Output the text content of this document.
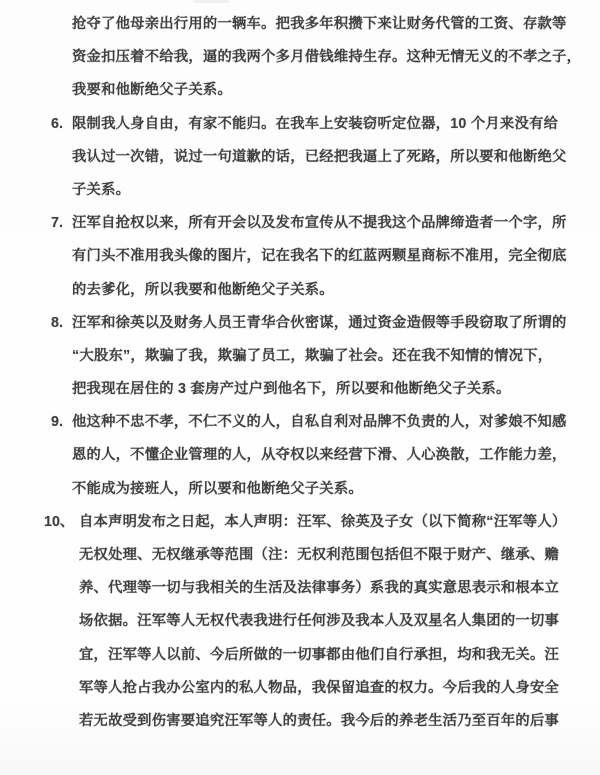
抢夺了他母亲出行用的一辆车。把我多年积攒下来让财务代管的工资、存款等
资金扣压着不给我，逼的我两个多月借钱维持生存。这种无情无义的不孝之子，
我要和他断绝父子关系。
6. 限制我人身自由，有家不能归。在我车上安装窃听定位器，10 个月来没有给
我认过一次错，说过一句道歉的话，已经把我逼上了死路，所以要和他断绝父
子关系。
7. 汪军自抢权以来，所有开会以及发布宣传从不提我这个品牌缔造者一个字，所
有门头不准用我头像的图片，记在我名下的红蓝两颗星商标不准用，完全彻底
的去爹化，所以我要和他断绝父子关系。
8. 汪军和徐英以及财务人员王青华合伙密谋，通过资金造假等手段窃取了所谓的
“大股东”，欺骗了我，欺骗了员工，欺骗了社会。还在我不知情的情况下，
把我现在居住的 3 套房产过户到他名下，所以要和他断绝父子关系。
9. 他这种不忠不孝，不仁不义的人，自私自利对品牌不负责的人，对爹娘不知感
恩的人，不懂企业管理的人，从夺权以来经营下滑、人心涣散，工作能力差，
不能成为接班人，所以要和他断绝父子关系。
10、 自本声明发布之日起，本人声明：汪军、徐英及子女（以下简称“汪军等人）
无权处理、无权继承等范围（注：无权利范围包括但不限于财产、继承、赡
养、代理等一切与我相关的生活及法律事务）系我的真实意思表示和根本立
场依据。汪军等人无权代表我进行任何涉及我本人及双星名人集团的一切事
宜，汪军等人以前、今后所做的一切事都由他们自行承担，均和我无关。汪
军等人抢占我办公室内的私人物品，我保留追查的权力。今后我的人身安全
若无故受到伤害要追究汪军等人的责任。我今后的养老生活乃至百年的后事
